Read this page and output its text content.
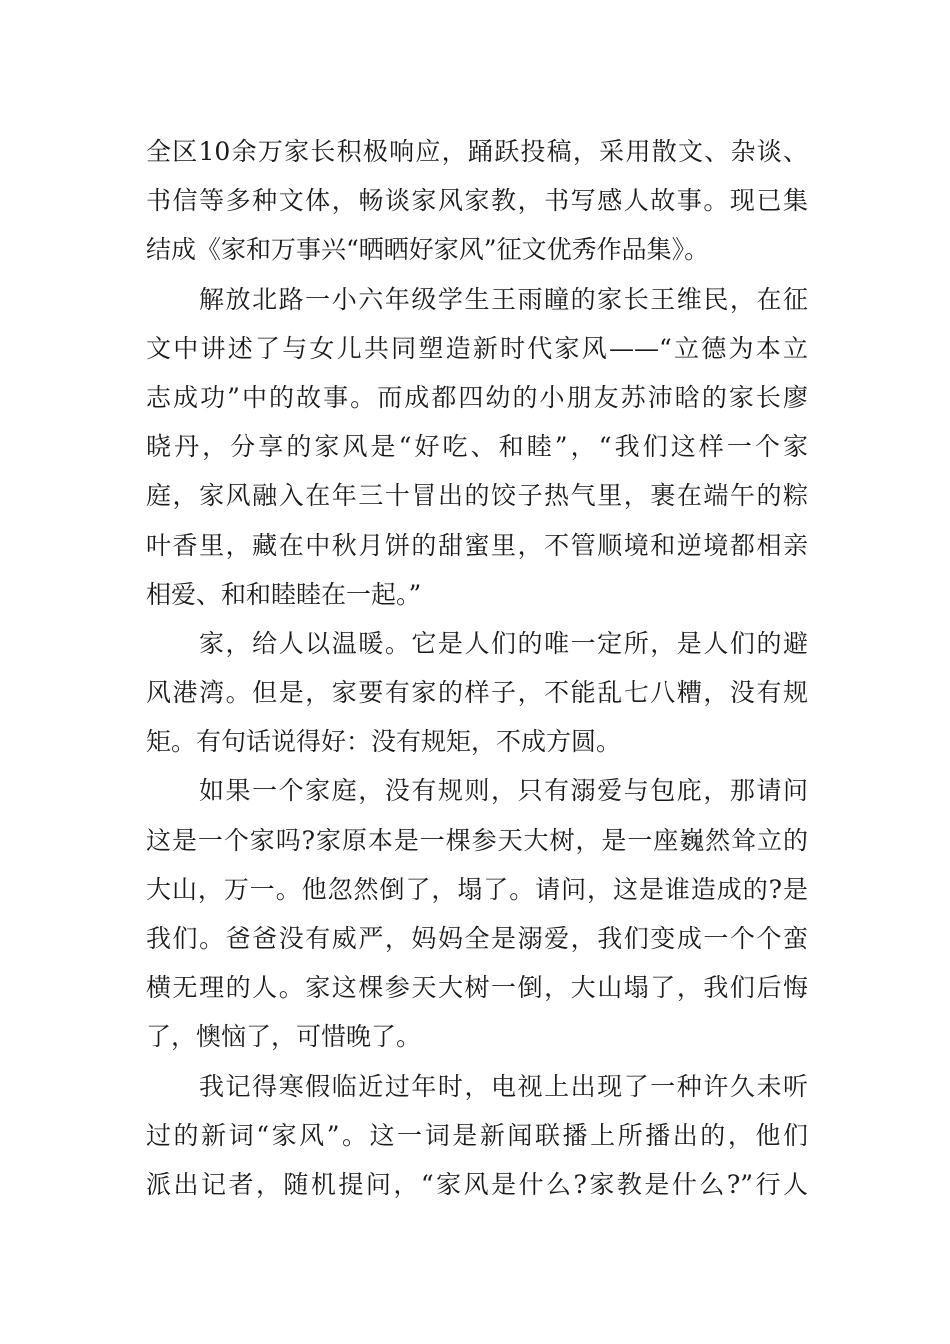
全区10余万家长积极响应，踊跃投稿，采用散文、杂谈、
书信等多种文体，畅谈家风家教，书写感人故事。现已集
结成《家和万事兴“晒晒好家风”征文优秀作品集》。
解放北路一小六年级学生王雨瞳的家长王维民，在征
文中讲述了与女儿共同塑造新时代家风——“立德为本立
志成功”中的故事。而成都四幼的小朋友苏沛晗的家长廖
晓丹，分享的家风是“好吃、和睦”，“我们这样一个家
庭，家风融入在年三十冒出的饺子热气里，裹在端午的粽
叶香里，藏在中秋月饼的甜蜜里，不管顺境和逆境都相亲
相爱、和和睦睦在一起。”
家，给人以温暖。它是人们的唯一定所，是人们的避
风港湾。但是，家要有家的样子，不能乱七八糟，没有规
矩。有句话说得好：没有规矩，不成方圆。
如果一个家庭，没有规则，只有溺爱与包庇，那请问
这是一个家吗?家原本是一棵参天大树，是一座巍然耸立的
大山，万一。他忽然倒了，塌了。请问，这是谁造成的?是
我们。爸爸没有威严，妈妈全是溺爱，我们变成一个个蛮
横无理的人。家这棵参天大树一倒，大山塌了，我们后悔
了，懊恼了，可惜晚了。
我记得寒假临近过年时，电视上出现了一种许久未听
过的新词“家风”。这一词是新闻联播上所播出的，他们
派出记者，随机提问，“家风是什么?家教是什么?”行人
